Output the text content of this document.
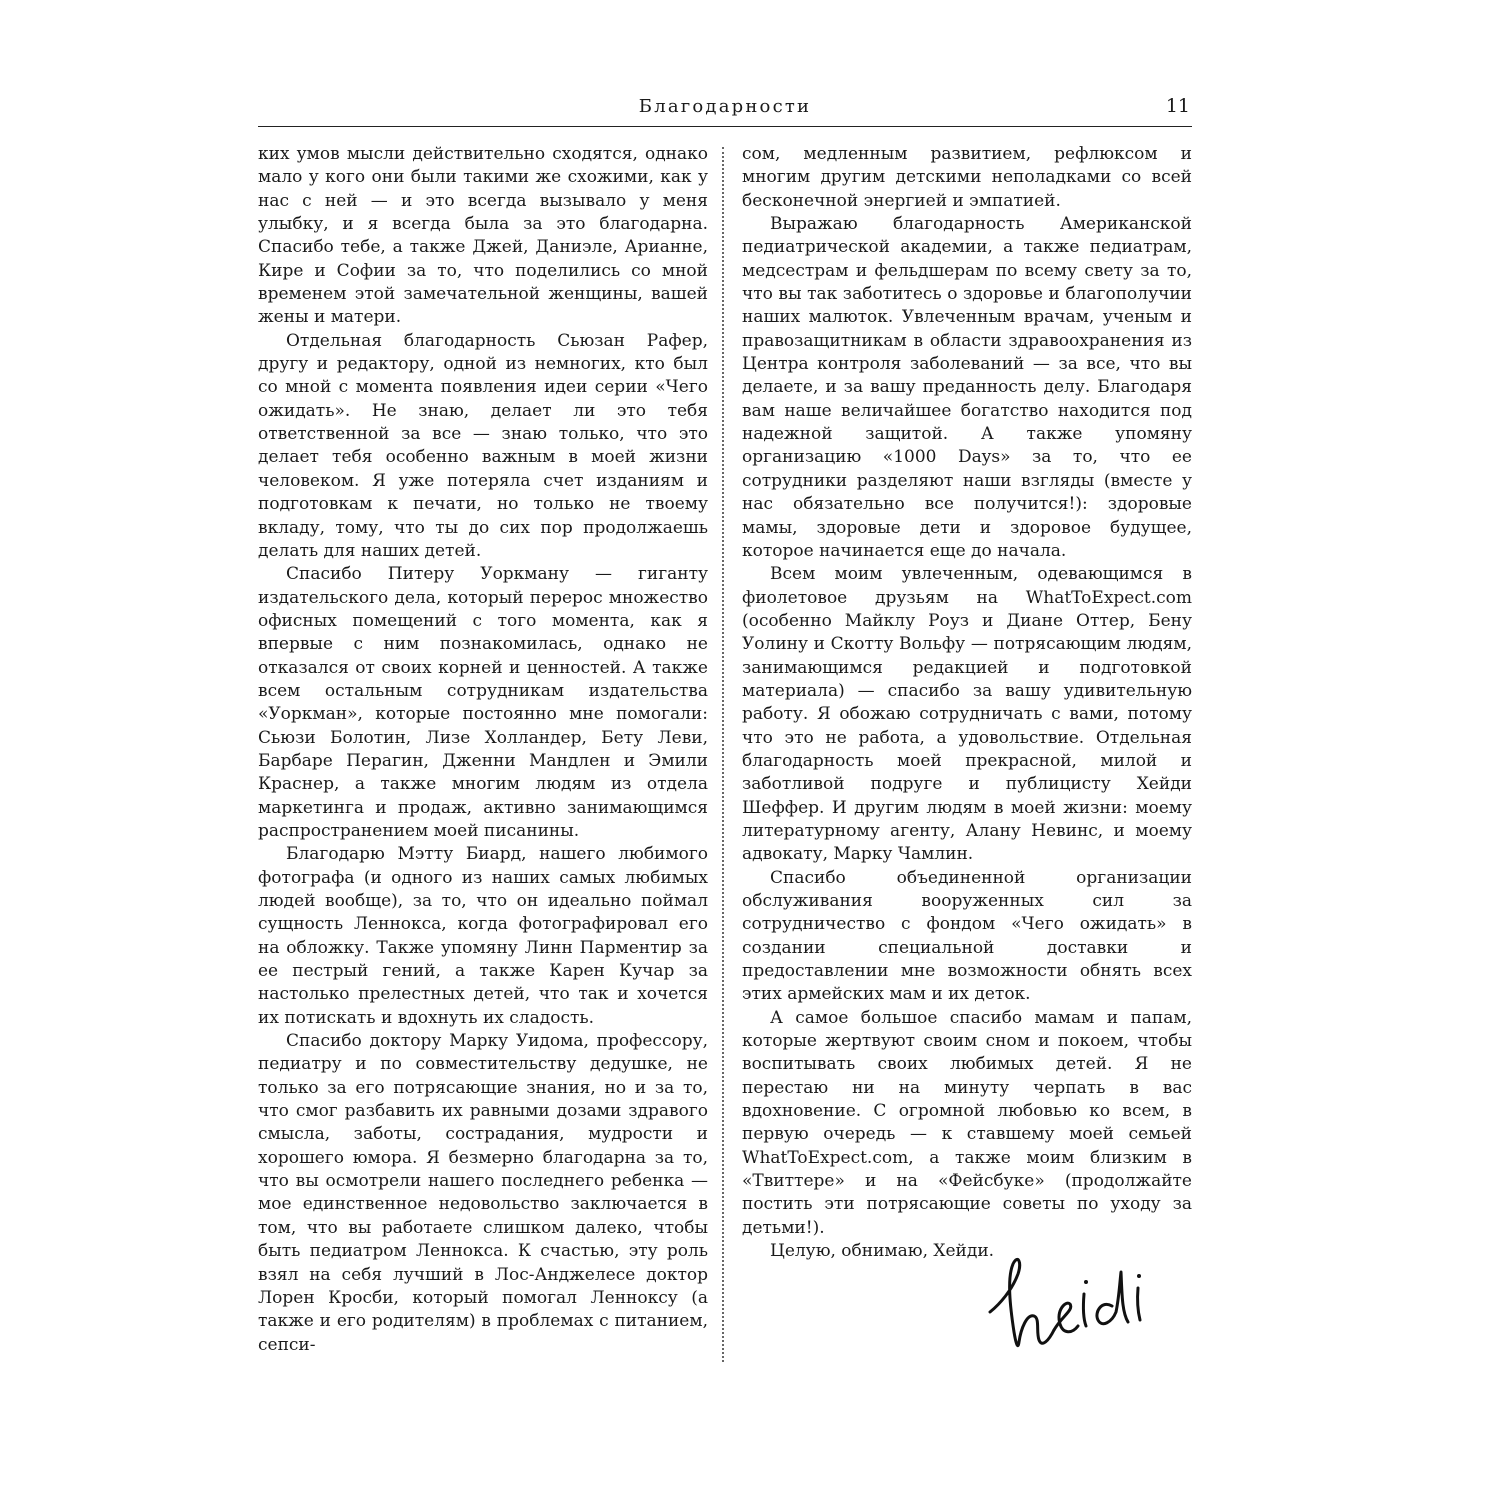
Благодарности	11

ких умов мысли действительно сходятся, однако мало у кого они были такими же схожими, как у нас с ней — и это всегда вызывало у меня улыбку, и я всегда была за это благодарна. Спасибо тебе, а также Джей, Даниэле, Арианне, Кире и Софии за то, что поделились со мной временем этой замечательной женщины, вашей жены и матери.

Отдельная благодарность Сьюзан Рафер, другу и редактору, одной из немногих, кто был со мной с момента появления идеи серии «Чего ожидать». Не знаю, делает ли это тебя ответственной за все — знаю только, что это делает тебя особенно важным в моей жизни человеком. Я уже потеряла счет изданиям и подготовкам к печати, но только не твоему вкладу, тому, что ты до сих пор продолжаешь делать для наших детей.

Спасибо Питеру Уоркману — гиганту издательского дела, который перерос множество офисных помещений с того момента, как я впервые с ним познакомилась, однако не отказался от своих корней и ценностей. А также всем остальным сотрудникам издательства «Уоркман», которые постоянно мне помогали: Сьюзи Болотин, Лизе Холландер, Бету Леви, Барбаре Перагин, Дженни Мандлен и Эмили Краснер, а также многим людям из отдела маркетинга и продаж, активно занимающимся распространением моей писанины.

Благодарю Мэтту Биард, нашего любимого фотографа (и одного из наших самых любимых людей вообще), за то, что он идеально поймал сущность Леннокса, когда фотографировал его на обложку. Также упомяну Линн Парментир за ее пестрый гений, а также Карен Кучар за настолько прелестных детей, что так и хочется их потискать и вдохнуть их сладость.

Спасибо доктору Марку Уидома, профессору, педиатру и по совместительству дедушке, не только за его потрясающие знания, но и за то, что смог разбавить их равными дозами здравого смысла, заботы, сострадания, мудрости и хорошего юмора. Я безмерно благодарна за то, что вы осмотрели нашего последнего ребенка — мое единственное недовольство заключается в том, что вы работаете слишком далеко, чтобы быть педиатром Леннокса. К счастью, эту роль взял на себя лучший в Лос-Анджелесе доктор Лорен Кросби, который помогал Ленноксу (а также и его родителям) в проблемах с питанием, сепси-

сом, медленным развитием, рефлюксом и многим другим детскими неполадками со всей бесконечной энергией и эмпатией.

Выражаю благодарность Американской педиатрической академии, а также педиатрам, медсестрам и фельдшерам по всему свету за то, что вы так заботитесь о здоровье и благополучии наших малюток. Увлеченным врачам, ученым и правозащитникам в области здравоохранения из Центра контроля заболеваний — за все, что вы делаете, и за вашу преданность делу. Благодаря вам наше величайшее богатство находится под надежной защитой. А также упомяну организацию «1000 Days» за то, что ее сотрудники разделяют наши взгляды (вместе у нас обязательно все получится!): здоровые мамы, здоровые дети и здоровое будущее, которое начинается еще до начала.

Всем моим увлеченным, одевающимся в фиолетовое друзьям на WhatToExpect.com (особенно Майклу Роуз и Диане Оттер, Бену Уолину и Скотту Вольфу — потрясающим людям, занимающимся редакцией и подготовкой материала) — спасибо за вашу удивительную работу. Я обожаю сотрудничать с вами, потому что это не работа, а удовольствие. Отдельная благодарность моей прекрасной, милой и заботливой подруге и публицисту Хейди Шеффер. И другим людям в моей жизни: моему литературному агенту, Алану Невинс, и моему адвокату, Марку Чамлин.

Спасибо объединенной организации обслуживания вооруженных сил за сотрудничество с фондом «Чего ожидать» в создании специальной доставки и предоставлении мне возможности обнять всех этих армейских мам и их деток.

А самое большое спасибо мамам и папам, которые жертвуют своим сном и покоем, чтобы воспитывать своих любимых детей. Я не перестаю ни на минуту черпать в вас вдохновение. С огромной любовью ко всем, в первую очередь — к ставшему моей семьей WhatToExpect.com, а также моим близким в «Твиттере» и на «Фейсбуке» (продолжайте постить эти потрясающие советы по уходу за детьми!).

Целую, обнимаю, Хейди.
